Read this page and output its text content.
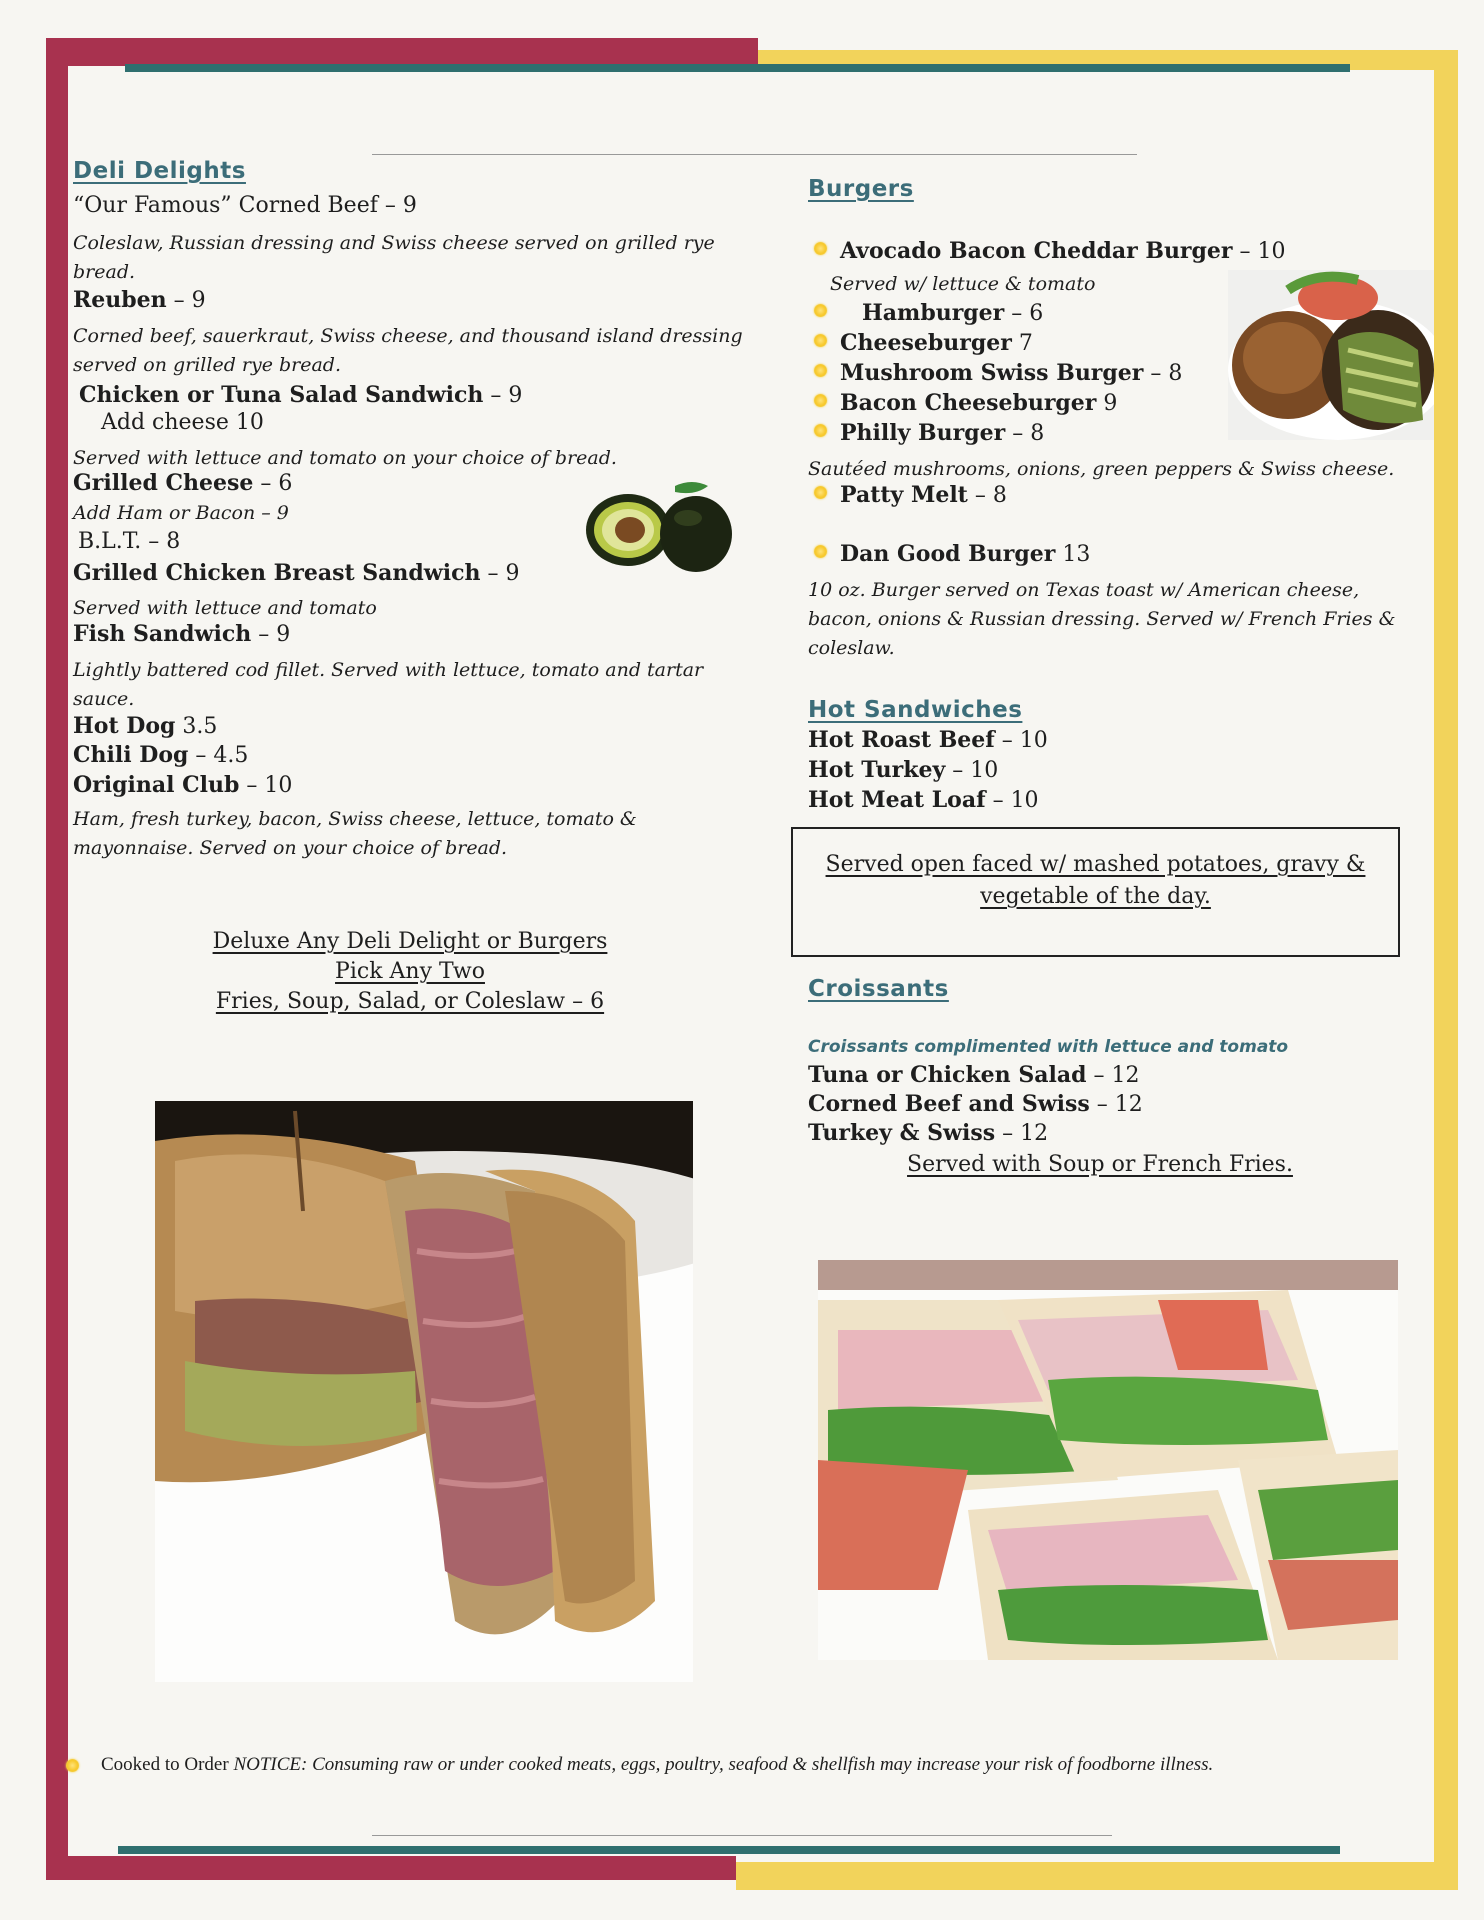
Deli Delights
“Our Famous” Corned Beef – 9
Coleslaw, Russian dressing and Swiss cheese served on grilled rye bread.
Reuben – 9
Corned beef, sauerkraut, Swiss cheese, and thousand island dressing served on grilled rye bread.
Chicken or Tuna Salad Sandwich – 9
Add cheese 10
Served with lettuce and tomato on your choice of bread.
Grilled Cheese – 6
Add Ham or Bacon – 9
B.L.T. – 8
Grilled Chicken Breast Sandwich – 9
Served with lettuce and tomato
Fish Sandwich – 9
Lightly battered cod fillet. Served with lettuce, tomato and tartar sauce.
Hot Dog 3.5
Chili Dog – 4.5
Original Club – 10
Ham, fresh turkey, bacon, Swiss cheese, lettuce, tomato & mayonnaise. Served on your choice of bread.
Deluxe Any Deli Delight or Burgers
Pick Any Two
Fries, Soup, Salad, or Coleslaw – 6
Burgers
Avocado Bacon Cheddar Burger – 10
Served w/ lettuce & tomato
Hamburger – 6
Cheeseburger 7
Mushroom Swiss Burger – 8
Bacon Cheeseburger 9
Philly Burger – 8
Sautéed mushrooms, onions, green peppers & Swiss cheese.
Patty Melt – 8
Dan Good Burger 13
10 oz. Burger served on Texas toast w/ American cheese, bacon, onions & Russian dressing. Served w/ French Fries & coleslaw.
Hot Sandwiches
Hot Roast Beef – 10
Hot Turkey – 10
Hot Meat Loaf – 10
Served open faced w/ mashed potatoes, gravy & vegetable of the day.
Croissants
Croissants complimented with lettuce and tomato
Tuna or Chicken Salad – 12
Corned Beef and Swiss – 12
Turkey & Swiss – 12
Served with Soup or French Fries.
Cooked to Order NOTICE: Consuming raw or under cooked meats, eggs, poultry, seafood & shellfish may increase your risk of foodborne illness.
